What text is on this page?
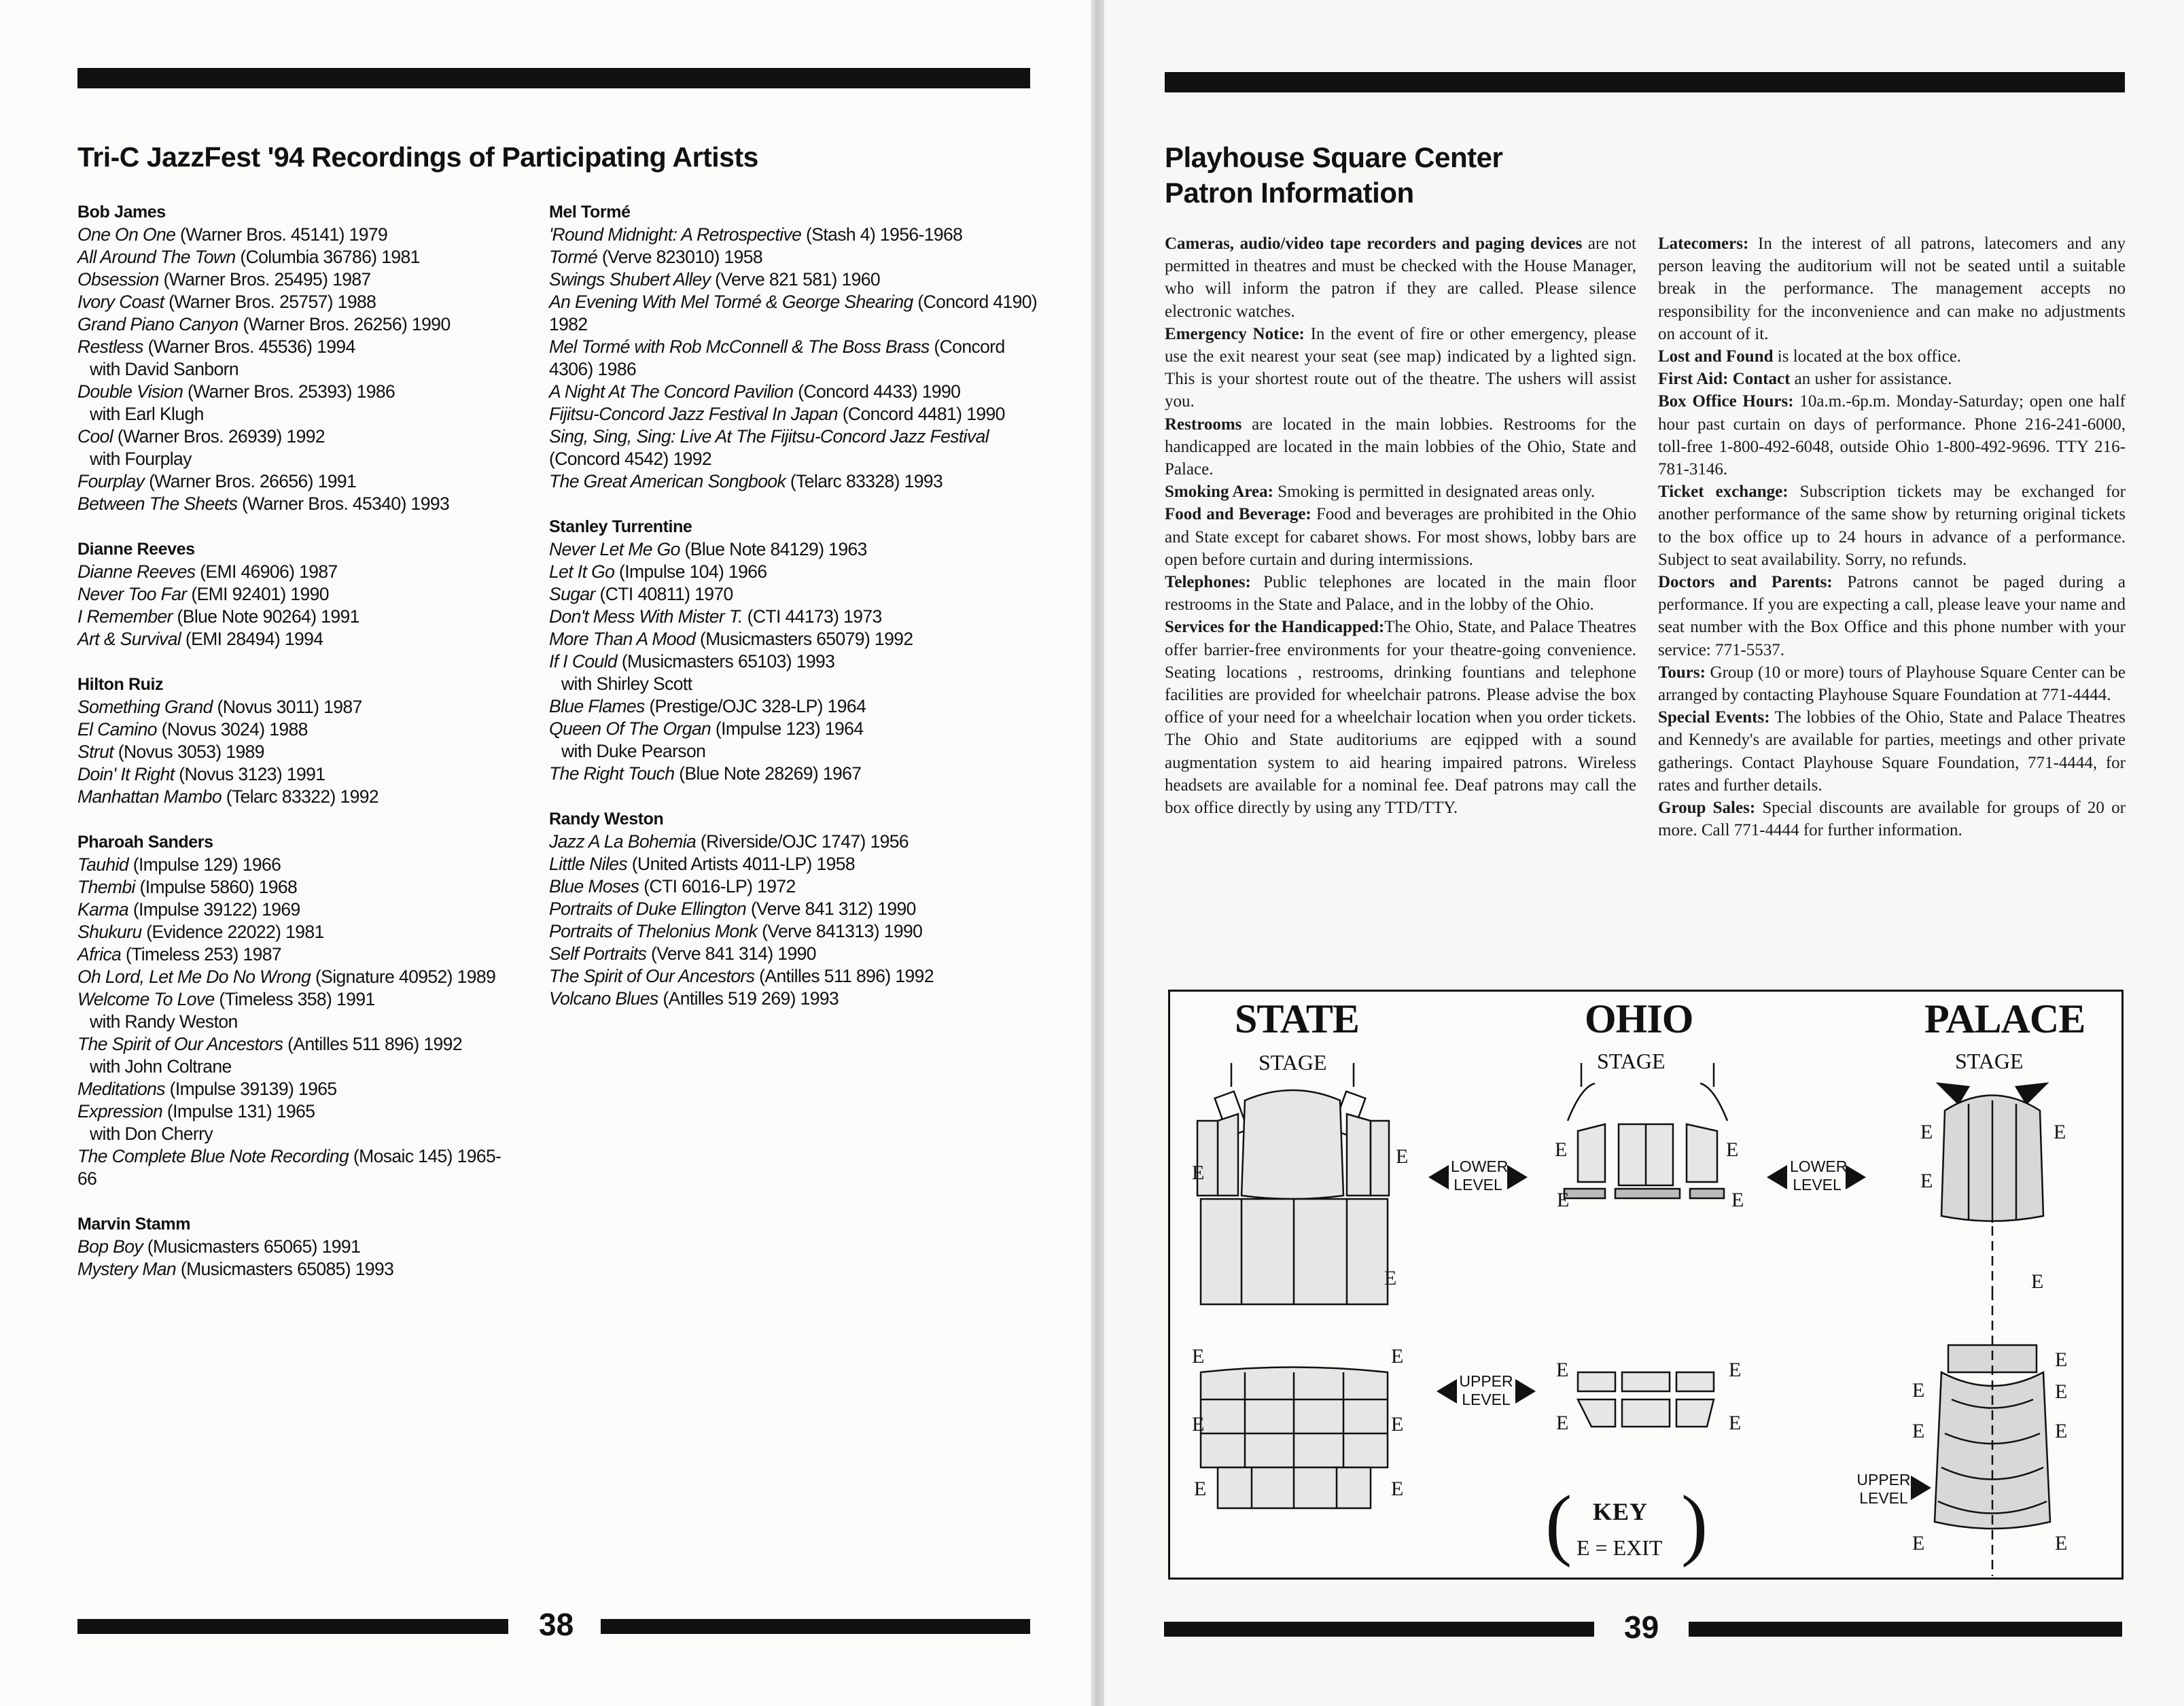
Tri-C JazzFest '94 Recordings of Participating Artists
Bob James
One On One (Warner Bros. 45141) 1979
All Around The Town (Columbia 36786) 1981
Obsession (Warner Bros. 25495) 1987
Ivory Coast (Warner Bros. 25757) 1988
Grand Piano Canyon (Warner Bros. 26256) 1990
Restless (Warner Bros. 45536) 1994
with David Sanborn
Double Vision (Warner Bros. 25393) 1986
with Earl Klugh
Cool (Warner Bros. 26939) 1992
with Fourplay
Fourplay (Warner Bros. 26656) 1991
Between The Sheets (Warner Bros. 45340) 1993
Dianne Reeves
Dianne Reeves (EMI 46906) 1987
Never Too Far (EMI 92401) 1990
I Remember (Blue Note 90264) 1991
Art & Survival (EMI 28494) 1994
Hilton Ruiz
Something Grand (Novus 3011) 1987
El Camino (Novus 3024) 1988
Strut (Novus 3053) 1989
Doin' It Right (Novus 3123) 1991
Manhattan Mambo (Telarc 83322) 1992
Pharoah Sanders
Tauhid (Impulse 129) 1966
Thembi (Impulse 5860) 1968
Karma (Impulse 39122) 1969
Shukuru (Evidence 22022) 1981
Africa (Timeless 253) 1987
Oh Lord, Let Me Do No Wrong (Signature 40952) 1989
Welcome To Love (Timeless 358) 1991
with Randy Weston
The Spirit of Our Ancestors (Antilles 511 896) 1992
with John Coltrane
Meditations (Impulse 39139) 1965
Expression (Impulse 131) 1965
with Don Cherry
The Complete Blue Note Recording (Mosaic 145) 1965-66
Marvin Stamm
Bop Boy (Musicmasters 65065) 1991
Mystery Man (Musicmasters 65085) 1993
Mel Tormé
'Round Midnight: A Retrospective (Stash 4) 1956-1968
Tormé (Verve 823010) 1958
Swings Shubert Alley (Verve 821 581) 1960
An Evening With Mel Tormé & George Shearing (Concord 4190) 1982
Mel Tormé with Rob McConnell & The Boss Brass (Concord 4306) 1986
A Night At The Concord Pavilion (Concord 4433) 1990
Fijitsu-Concord Jazz Festival In Japan (Concord 4481) 1990
Sing, Sing, Sing: Live At The Fijitsu-Concord Jazz Festival (Concord 4542) 1992
The Great American Songbook (Telarc 83328) 1993
Stanley Turrentine
Never Let Me Go (Blue Note 84129) 1963
Let It Go (Impulse 104) 1966
Sugar (CTI 40811) 1970
Don't Mess With Mister T. (CTI 44173) 1973
More Than A Mood (Musicmasters 65079) 1992
If I Could (Musicmasters 65103) 1993
with Shirley Scott
Blue Flames (Prestige/OJC 328-LP) 1964
Queen Of The Organ (Impulse 123) 1964
with Duke Pearson
The Right Touch (Blue Note 28269) 1967
Randy Weston
Jazz A La Bohemia (Riverside/OJC 1747) 1956
Little Niles (United Artists 4011-LP) 1958
Blue Moses (CTI 6016-LP) 1972
Portraits of Duke Ellington (Verve 841 312) 1990
Portraits of Thelonius Monk (Verve 841313) 1990
Self Portraits (Verve 841 314) 1990
The Spirit of Our Ancestors (Antilles 511 896) 1992
Volcano Blues (Antilles 519 269) 1993
38
Playhouse Square Center
Patron Information

Cameras, audio/video tape recorders and paging devices are not permitted in theatres and must be checked with the House Manager, who will inform the patron if they are called. Please silence electronic watches.

Emergency Notice: In the event of fire or other emergency, please use the exit nearest your seat (see map) indicated by a lighted sign. This is your shortest route out of the theatre. The ushers will assist you.

Restrooms are located in the main lobbies. Restrooms for the handicapped are located in the main lobbies of the Ohio, State and Palace.

Smoking Area: Smoking is permitted in designated areas only.

Food and Beverage: Food and beverages are prohibited in the Ohio and State except for cabaret shows. For most shows, lobby bars are open before curtain and during intermissions.

Telephones: Public telephones are located in the main floor restrooms in the State and Palace, and in the lobby of the Ohio.

Services for the Handicapped:The Ohio, State, and Palace Theatres offer barrier-free environments for your theatre-going convenience. Seating locations , restrooms, drinking fountians and telephone facilities are provided for wheelchair patrons. Please advise the box office of your need for a wheelchair location when you order tickets. The Ohio and State auditoriums are eqipped with a sound augmentation system to aid hearing impaired patrons. Wireless headsets are available for a nominal fee. Deaf patrons may call the box office directly by using any TTD/TTY.

Latecomers: In the interest of all patrons, latecomers and any person leaving the auditorium will not be seated until a suitable break in the performance. The management accepts no responsibility for the inconvenience and can make no adjustments on account of it.

Lost and Found is located at the box office.

First Aid: Contact an usher for assistance.

Box Office Hours: 10a.m.-6p.m. Monday-Saturday; open one half hour past curtain on days of performance. Phone 216-241-6000, toll-free 1-800-492-6048, outside Ohio 1-800-492-9696. TTY 216-781-3146.

Ticket exchange: Subscription tickets may be exchanged for another performance of the same show by returning original tickets to the box office up to 24 hours in advance of a performance. Subject to seat availability. Sorry, no refunds.

Doctors and Parents: Patrons cannot be paged during a performance. If you are expecting a call, please leave your name and seat number with the Box Office and this phone number with your service: 771-5537.

Tours: Group (10 or more) tours of Playhouse Square Center can be arranged by contacting Playhouse Square Foundation at 771-4444.

Special Events: The lobbies of the Ohio, State and Palace Theatres and Kennedy's are available for parties, meetings and other private gatherings. Contact Playhouse Square Foundation, 771-4444, for rates and further details.

Group Sales: Special discounts are available for groups of 20 or more. Call 771-4444 for further information.

STATE	OHIO	PALACE
STAGE	STAGE	STAGE
LOWER
LEVEL
LOWER
LEVEL
UPPER
LEVEL
UPPER
LEVEL
E
E
E
E	E
E	E
E	E
E	E
E	E
E	E
E	E
E	E
E
E
E
E	E
E	E
E	E
( KEY
E = EXIT )
39
